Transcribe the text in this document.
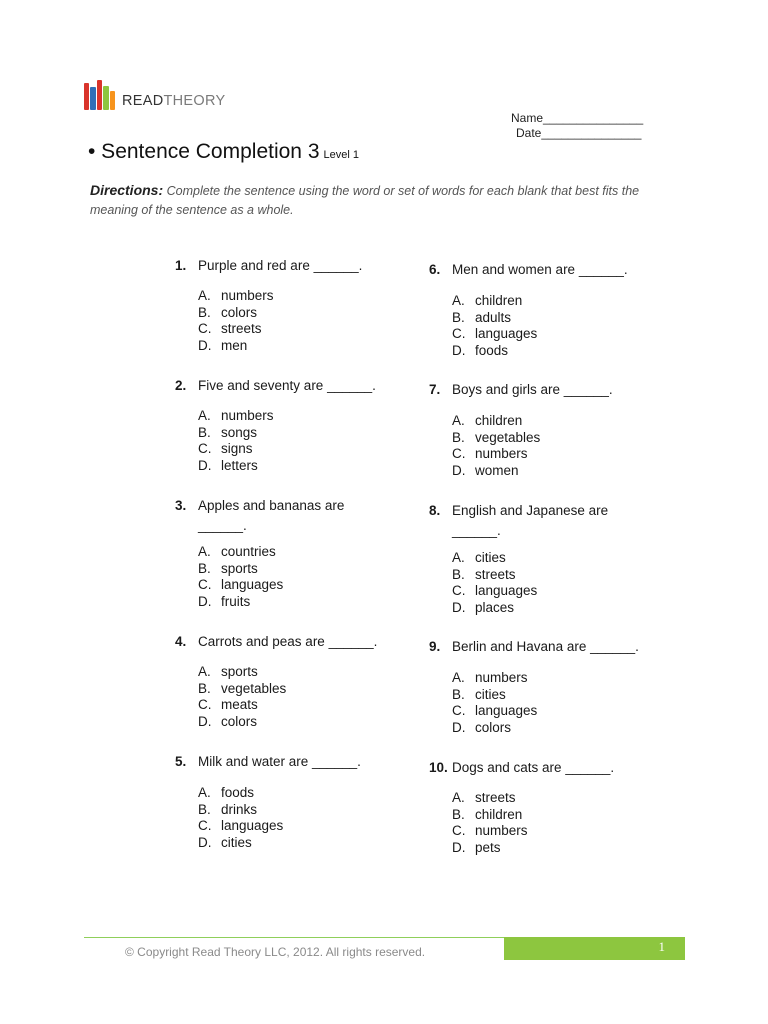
READTHEORY
Name_______________
Date_______________
• Sentence Completion 3 Level 1
Directions: Complete the sentence using the word or set of words for each blank that best fits the meaning of the sentence as a whole.
1. Purple and red are ______.
A. numbers
B. colors
C. streets
D. men
2. Five and seventy are ______.
A. numbers
B. songs
C. signs
D. letters
3. Apples and bananas are ______.
A. countries
B. sports
C. languages
D. fruits
4. Carrots and peas are ______.
A. sports
B. vegetables
C. meats
D. colors
5. Milk and water are ______.
A. foods
B. drinks
C. languages
D. cities
6. Men and women are ______.
A. children
B. adults
C. languages
D. foods
7. Boys and girls are ______.
A. children
B. vegetables
C. numbers
D. women
8. English and Japanese are ______.
A. cities
B. streets
C. languages
D. places
9. Berlin and Havana are ______.
A. numbers
B. cities
C. languages
D. colors
10. Dogs and cats are ______.
A. streets
B. children
C. numbers
D. pets
© Copyright Read Theory LLC, 2012. All rights reserved.	1
